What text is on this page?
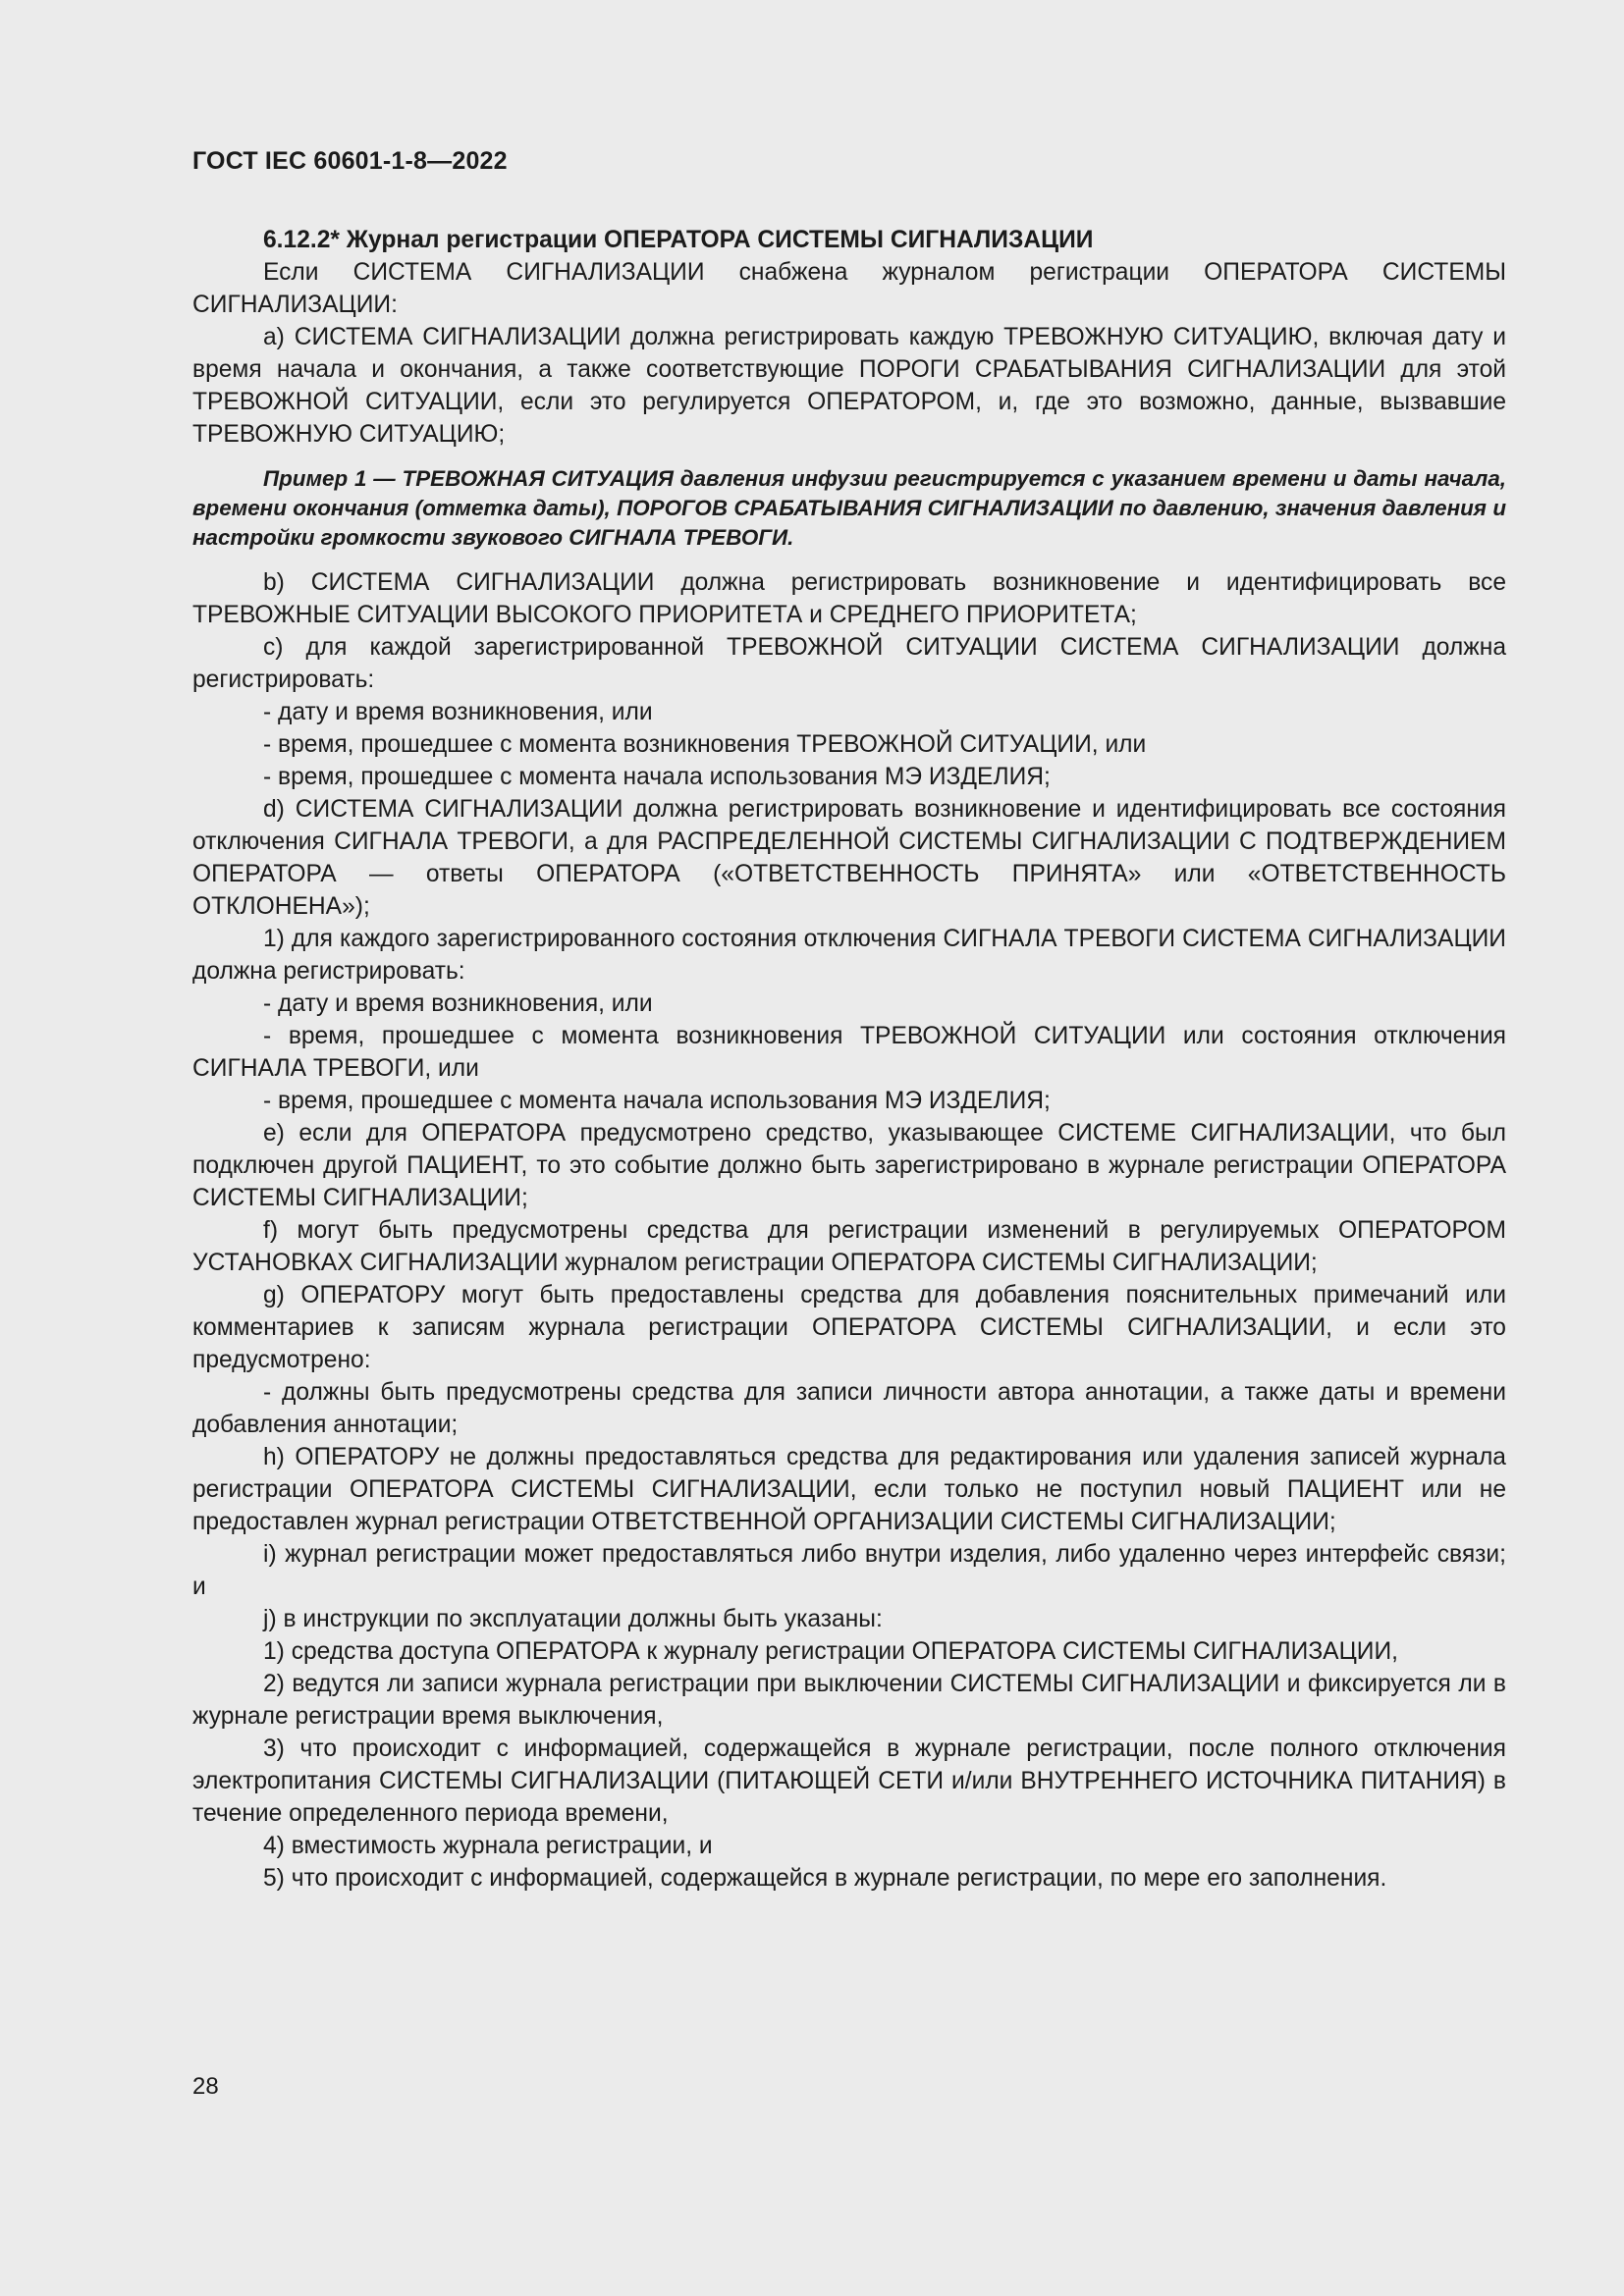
ГОСТ IEC 60601-1-8—2022

6.12.2* Журнал регистрации ОПЕРАТОРА СИСТЕМЫ СИГНАЛИЗАЦИИ

Если СИСТЕМА СИГНАЛИЗАЦИИ снабжена журналом регистрации ОПЕРАТОРА СИСТЕМЫ СИГНАЛИЗАЦИИ:

a) СИСТЕМА СИГНАЛИЗАЦИИ должна регистрировать каждую ТРЕВОЖНУЮ СИТУАЦИЮ, включая дату и время начала и окончания, а также соответствующие ПОРОГИ СРАБАТЫВАНИЯ СИГНАЛИЗАЦИИ для этой ТРЕВОЖНОЙ СИТУАЦИИ, если это регулируется ОПЕРАТОРОМ, и, где это возможно, данные, вызвавшие ТРЕВОЖНУЮ СИТУАЦИЮ;

Пример 1 — ТРЕВОЖНАЯ СИТУАЦИЯ давления инфузии регистрируется с указанием времени и даты начала, времени окончания (отметка даты), ПОРОГОВ СРАБАТЫВАНИЯ СИГНАЛИЗАЦИИ по давлению, значения давления и настройки громкости звукового СИГНАЛА ТРЕВОГИ.

b) СИСТЕМА СИГНАЛИЗАЦИИ должна регистрировать возникновение и идентифицировать все ТРЕВОЖНЫЕ СИТУАЦИИ ВЫСОКОГО ПРИОРИТЕТА и СРЕДНЕГО ПРИОРИТЕТА;

c) для каждой зарегистрированной ТРЕВОЖНОЙ СИТУАЦИИ СИСТЕМА СИГНАЛИЗАЦИИ должна регистрировать:

- дату и время возникновения, или

- время, прошедшее с момента возникновения ТРЕВОЖНОЙ СИТУАЦИИ, или

- время, прошедшее с момента начала использования МЭ ИЗДЕЛИЯ;

d) СИСТЕМА СИГНАЛИЗАЦИИ должна регистрировать возникновение и идентифицировать все состояния отключения СИГНАЛА ТРЕВОГИ, а для РАСПРЕДЕЛЕННОЙ СИСТЕМЫ СИГНАЛИЗАЦИИ С ПОДТВЕРЖДЕНИЕМ ОПЕРАТОРА — ответы ОПЕРАТОРА («ОТВЕТСТВЕННОСТЬ ПРИНЯТА» или «ОТВЕТСТВЕННОСТЬ ОТКЛОНЕНА»);

1) для каждого зарегистрированного состояния отключения СИГНАЛА ТРЕВОГИ СИСТЕМА СИГНАЛИЗАЦИИ должна регистрировать:

- дату и время возникновения, или

- время, прошедшее с момента возникновения ТРЕВОЖНОЙ СИТУАЦИИ или состояния отключения СИГНАЛА ТРЕВОГИ, или

- время, прошедшее с момента начала использования МЭ ИЗДЕЛИЯ;

e) если для ОПЕРАТОРА предусмотрено средство, указывающее СИСТЕМЕ СИГНАЛИЗАЦИИ, что был подключен другой ПАЦИЕНТ, то это событие должно быть зарегистрировано в журнале регистрации ОПЕРАТОРА СИСТЕМЫ СИГНАЛИЗАЦИИ;

f) могут быть предусмотрены средства для регистрации изменений в регулируемых ОПЕРАТОРОМ УСТАНОВКАХ СИГНАЛИЗАЦИИ журналом регистрации ОПЕРАТОРА СИСТЕМЫ СИГНАЛИЗАЦИИ;

g) ОПЕРАТОРУ могут быть предоставлены средства для добавления пояснительных примечаний или комментариев к записям журнала регистрации ОПЕРАТОРА СИСТЕМЫ СИГНАЛИЗАЦИИ, и если это предусмотрено:

- должны быть предусмотрены средства для записи личности автора аннотации, а также даты и времени добавления аннотации;

h) ОПЕРАТОРУ не должны предоставляться средства для редактирования или удаления записей журнала регистрации ОПЕРАТОРА СИСТЕМЫ СИГНАЛИЗАЦИИ, если только не поступил новый ПАЦИЕНТ или не предоставлен журнал регистрации ОТВЕТСТВЕННОЙ ОРГАНИЗАЦИИ СИСТЕМЫ СИГНАЛИЗАЦИИ;

i) журнал регистрации может предоставляться либо внутри изделия, либо удаленно через интерфейс связи; и

j) в инструкции по эксплуатации должны быть указаны:

1) средства доступа ОПЕРАТОРА к журналу регистрации ОПЕРАТОРА СИСТЕМЫ СИГНАЛИЗАЦИИ,

2) ведутся ли записи журнала регистрации при выключении СИСТЕМЫ СИГНАЛИЗАЦИИ и фиксируется ли в журнале регистрации время выключения,

3) что происходит с информацией, содержащейся в журнале регистрации, после полного отключения электропитания СИСТЕМЫ СИГНАЛИЗАЦИИ (ПИТАЮЩЕЙ СЕТИ и/или ВНУТРЕННЕГО ИСТОЧНИКА ПИТАНИЯ) в течение определенного периода времени,

4) вместимость журнала регистрации, и

5) что происходит с информацией, содержащейся в журнале регистрации, по мере его заполнения.

28
